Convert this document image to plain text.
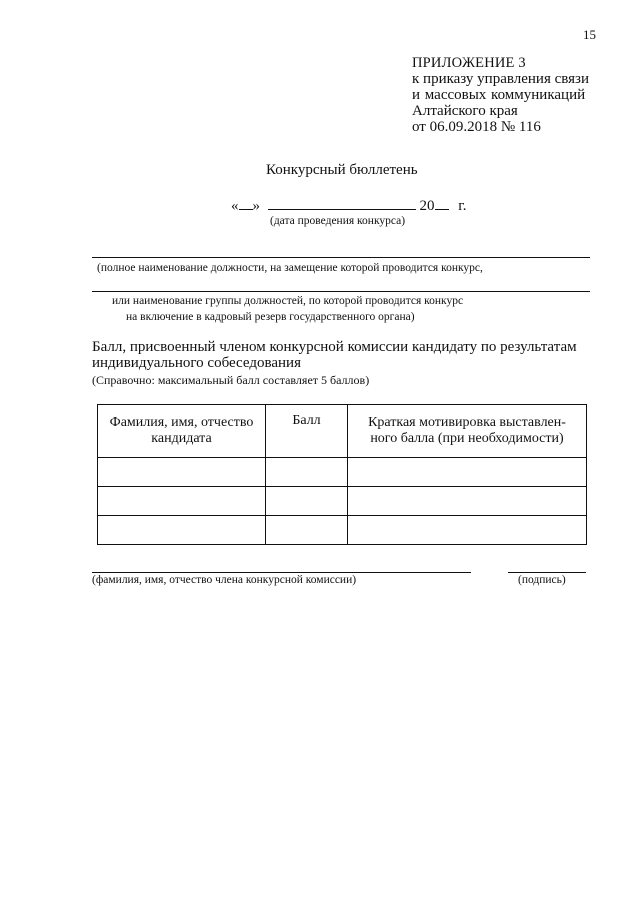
15
ПРИЛОЖЕНИЕ 3
к приказу управления связи
и массовых коммуникаций
Алтайского края
от 06.09.2018 № 116
Конкурсный бюллетень
« »	20 г.
(дата проведения конкурса)
(полное наименование должности, на замещение которой проводится конкурс,
или наименование группы должностей, по которой проводится конкурс
на включение в кадровый резерв государственного органа)
Балл, присвоенный членом конкурсной комиссии кандидату по результатам индивидуального собеседования
(Справочно: максимальный балл составляет 5 баллов)
Фамилия, имя, отчество кандидата	Балл	Краткая мотивировка выставлен-ного балла (при необходимости)

(фамилия, имя, отчество члена конкурсной комиссии)	(подпись)
